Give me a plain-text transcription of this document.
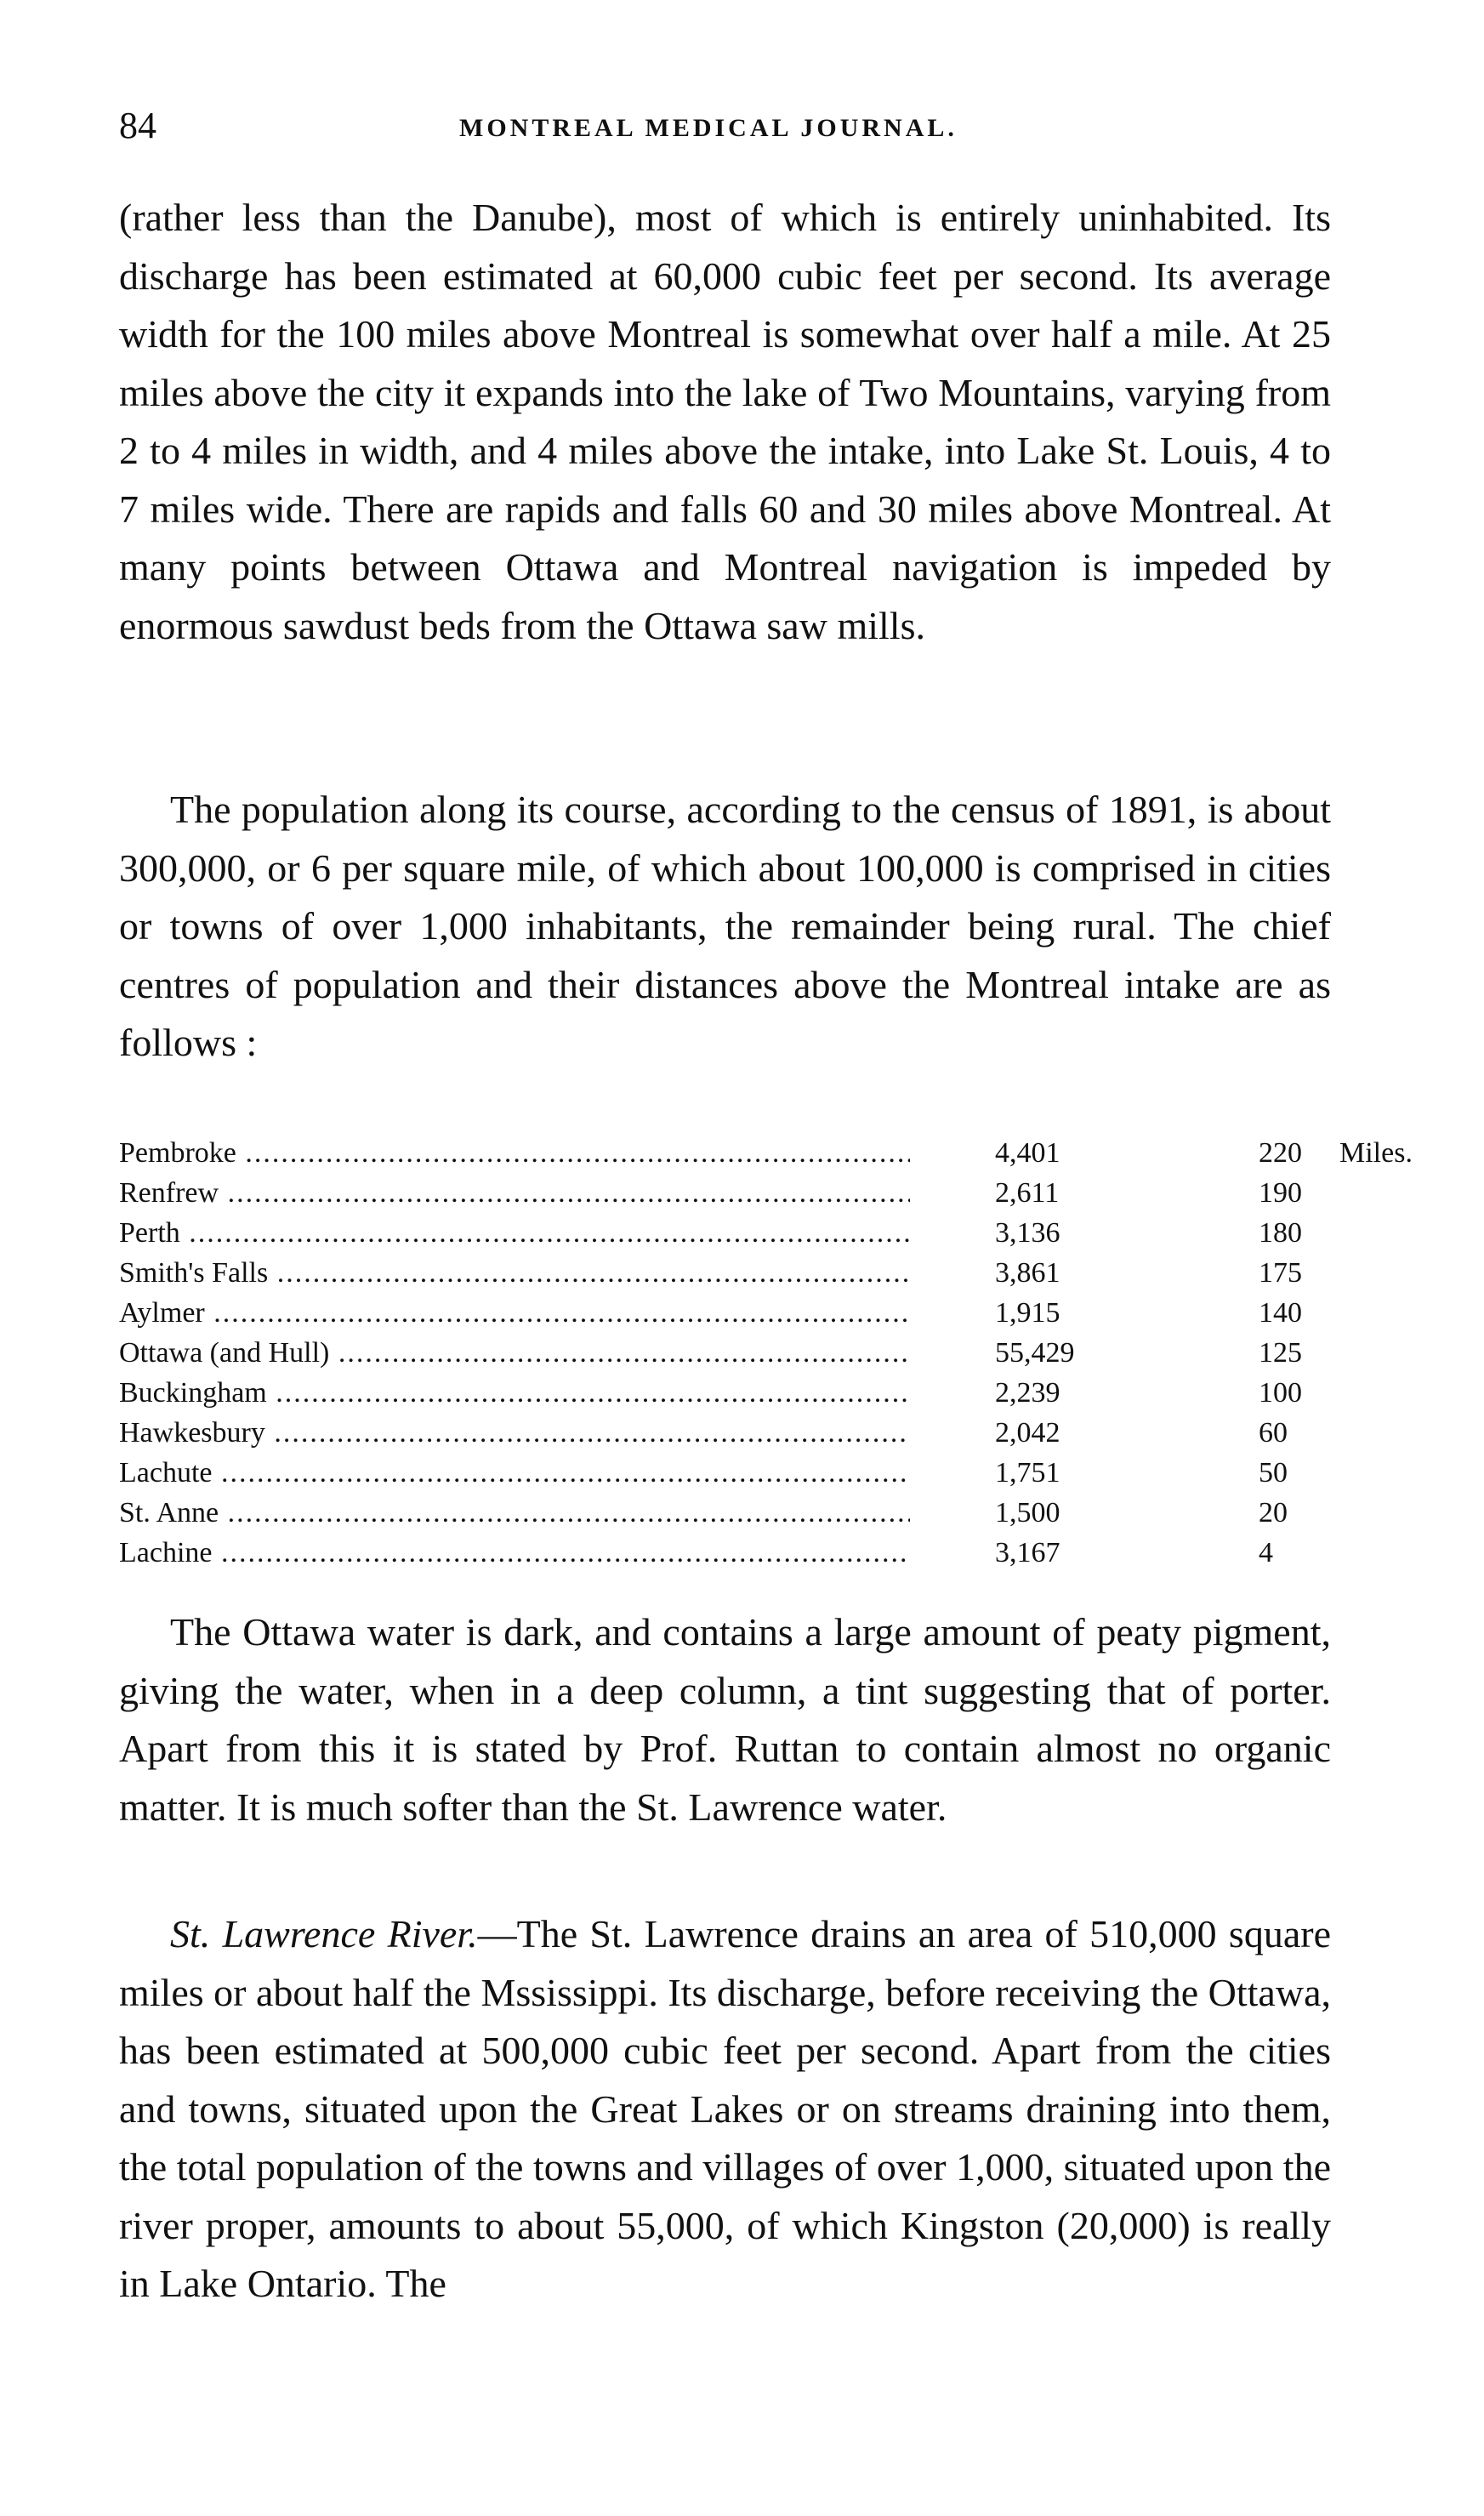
84	MONTREAL MEDICAL JOURNAL.

(rather less than the Danube), most of which is entirely uninhabited. Its discharge has been estimated at 60,000 cubic feet per second. Its average width for the 100 miles above Montreal is somewhat over half a mile. At 25 miles above the city it expands into the lake of Two Mountains, varying from 2 to 4 miles in width, and 4 miles above the intake, into Lake St. Louis, 4 to 7 miles wide. There are rapids and falls 60 and 30 miles above Montreal. At many points between Ottawa and Montreal navigation is impeded by enormous sawdust beds from the Ottawa saw mills.

The population along its course, according to the census of 1891, is about 300,000, or 6 per square mile, of which about 100,000 is comprised in cities or towns of over 1,000 inhabitants, the remainder being rural. The chief centres of population and their distances above the Montreal intake are as follows :

Pembroke .....	4,401	220	Miles.
Renfrew .....	2,611	190
Perth .....	3,136	180
Smith's Falls .....	3,861	175
Aylmer .....	1,915	140
Ottawa (and Hull) .....	55,429	125
Buckingham .....	2,239	100
Hawkesbury .....	2,042	60
Lachute .....	1,751	50
St. Anne .....	1,500	20
Lachine .....	3,167	4

The Ottawa water is dark, and contains a large amount of peaty pigment, giving the water, when in a deep column, a tint suggesting that of porter. Apart from this it is stated by Prof. Ruttan to contain almost no organic matter. It is much softer than the St. Lawrence water.

St. Lawrence River.—The St. Lawrence drains an area of 510,000 square miles or about half the Mssissippi. Its discharge, before receiving the Ottawa, has been estimated at 500,000 cubic feet per second. Apart from the cities and towns, situated upon the Great Lakes or on streams draining into them, the total population of the towns and villages of over 1,000, situated upon the river proper, amounts to about 55,000, of which Kingston (20,000) is really in Lake Ontario. The
